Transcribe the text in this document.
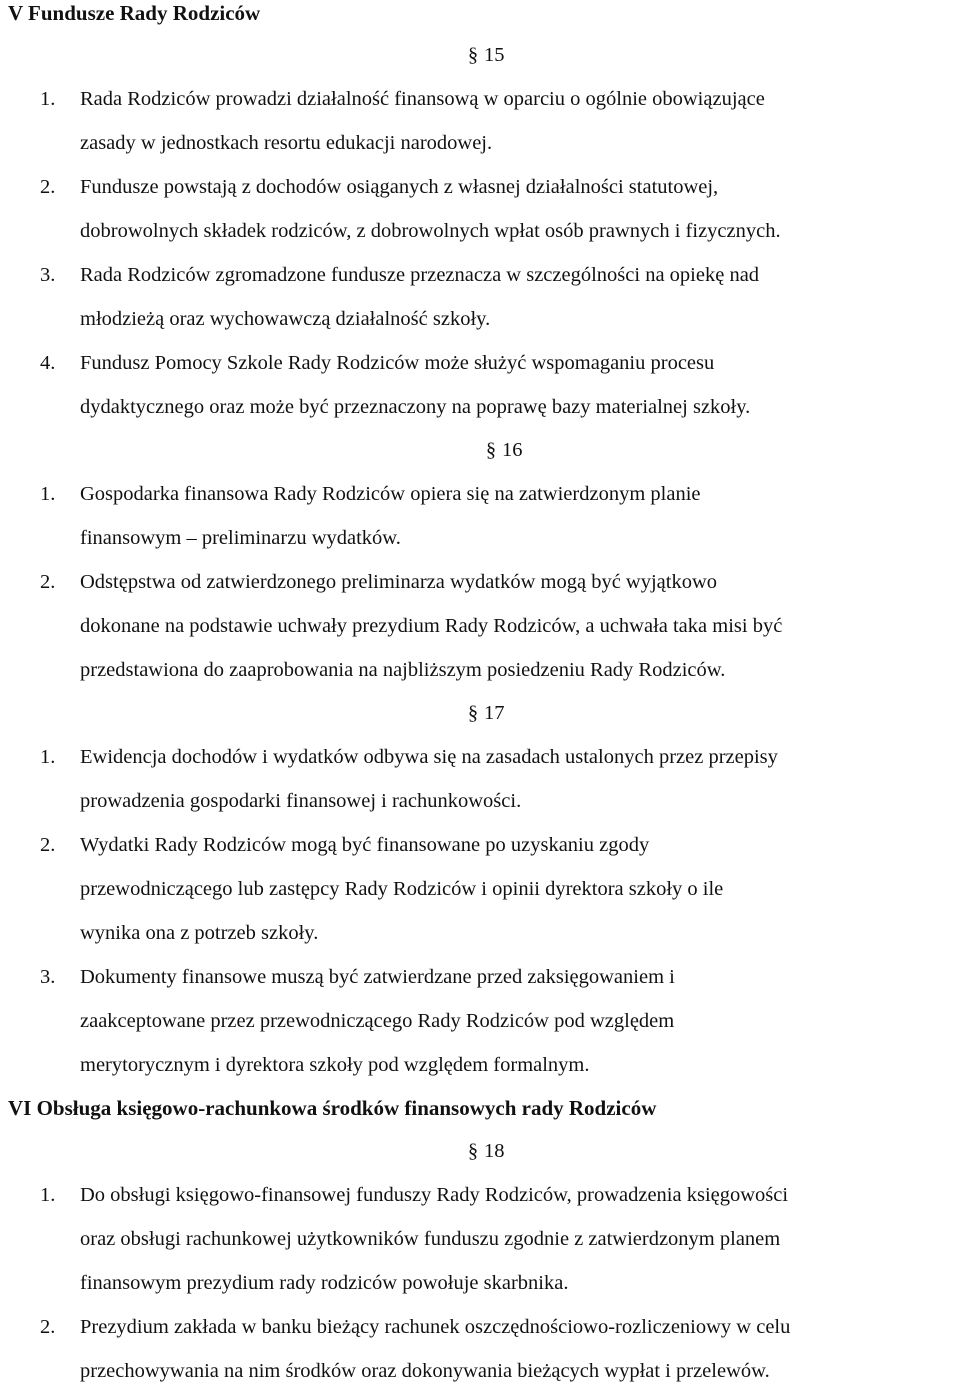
V Fundusze Rady Rodziców
§ 15
1. Rada Rodziców prowadzi działalność finansową w oparciu o ogólnie obowiązujące
zasady w jednostkach resortu edukacji narodowej.
2. Fundusze powstają z dochodów osiąganych z własnej działalności statutowej,
dobrowolnych składek rodziców, z dobrowolnych wpłat osób prawnych i fizycznych.
3. Rada Rodziców zgromadzone fundusze przeznacza w szczególności na opiekę nad
młodzieżą oraz wychowawczą działalność szkoły.
4. Fundusz Pomocy Szkole Rady Rodziców może służyć wspomaganiu procesu
dydaktycznego oraz może być przeznaczony na poprawę bazy materialnej szkoły.
§ 16
1. Gospodarka finansowa Rady Rodziców opiera się na zatwierdzonym planie
finansowym – preliminarzu wydatków.
2. Odstępstwa od zatwierdzonego preliminarza wydatków mogą być wyjątkowo
dokonane na podstawie uchwały prezydium Rady Rodziców, a uchwała taka misi być
przedstawiona do zaaprobowania na najbliższym posiedzeniu Rady Rodziców.
§ 17
1. Ewidencja dochodów i wydatków odbywa się na zasadach ustalonych przez przepisy
prowadzenia gospodarki finansowej i rachunkowości.
2. Wydatki Rady Rodziców mogą być finansowane po uzyskaniu zgody
przewodniczącego lub zastępcy Rady Rodziców i opinii dyrektora szkoły o ile
wynika ona z potrzeb szkoły.
3. Dokumenty finansowe muszą być zatwierdzane przed zaksięgowaniem i
zaakceptowane przez przewodniczącego Rady Rodziców pod względem
merytorycznym i dyrektora szkoły pod względem formalnym.
VI Obsługa księgowo-rachunkowa środków finansowych rady Rodziców
§ 18
1. Do obsługi księgowo-finansowej funduszy Rady Rodziców, prowadzenia księgowości
oraz obsługi rachunkowej użytkowników funduszu zgodnie z zatwierdzonym planem
finansowym prezydium rady rodziców powołuje skarbnika.
2. Prezydium zakłada w banku bieżący rachunek oszczędnościowo-rozliczeniowy w celu
przechowywania na nim środków oraz dokonywania bieżących wypłat i przelewów.
